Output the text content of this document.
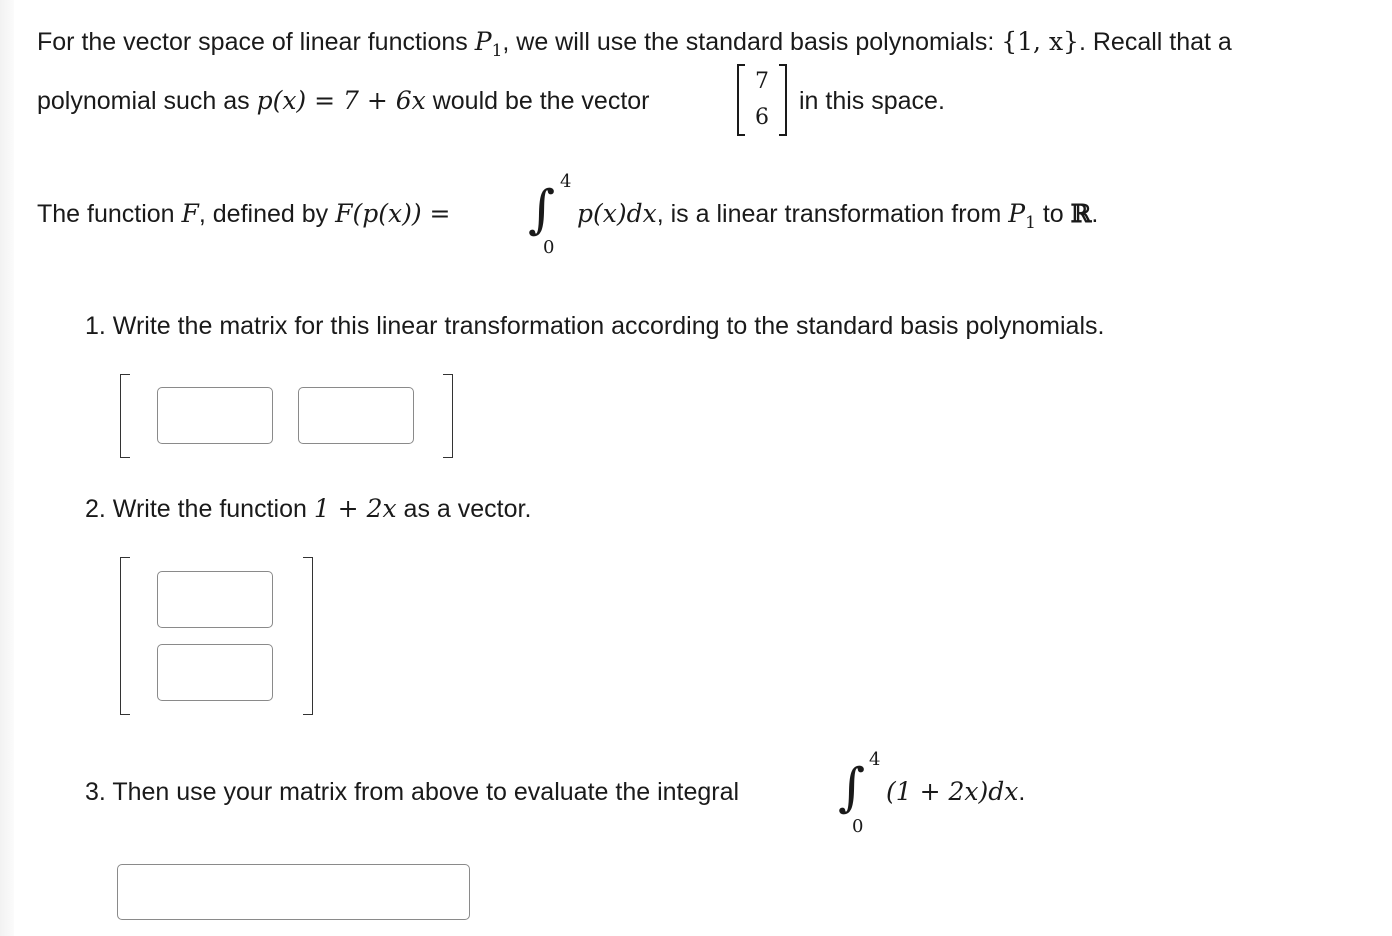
For the vector space of linear functions $P_1$, we will use the standard basis polynomials: {1, x}. Recall that a
polynomial such as p(x) = 7 + 6x would be the vector
7
6
in this space.
The function F, defined by F(p(x)) = ∫ 4
0
p(x)dx, is a linear transformation from $P_1$ to ℝ.
1. Write the matrix for this linear transformation according to the standard basis polynomials.
2. Write the function 1 + 2x as a vector.
3. Then use your matrix from above to evaluate the integral ∫ 4
0
(1 + 2x)dx.
